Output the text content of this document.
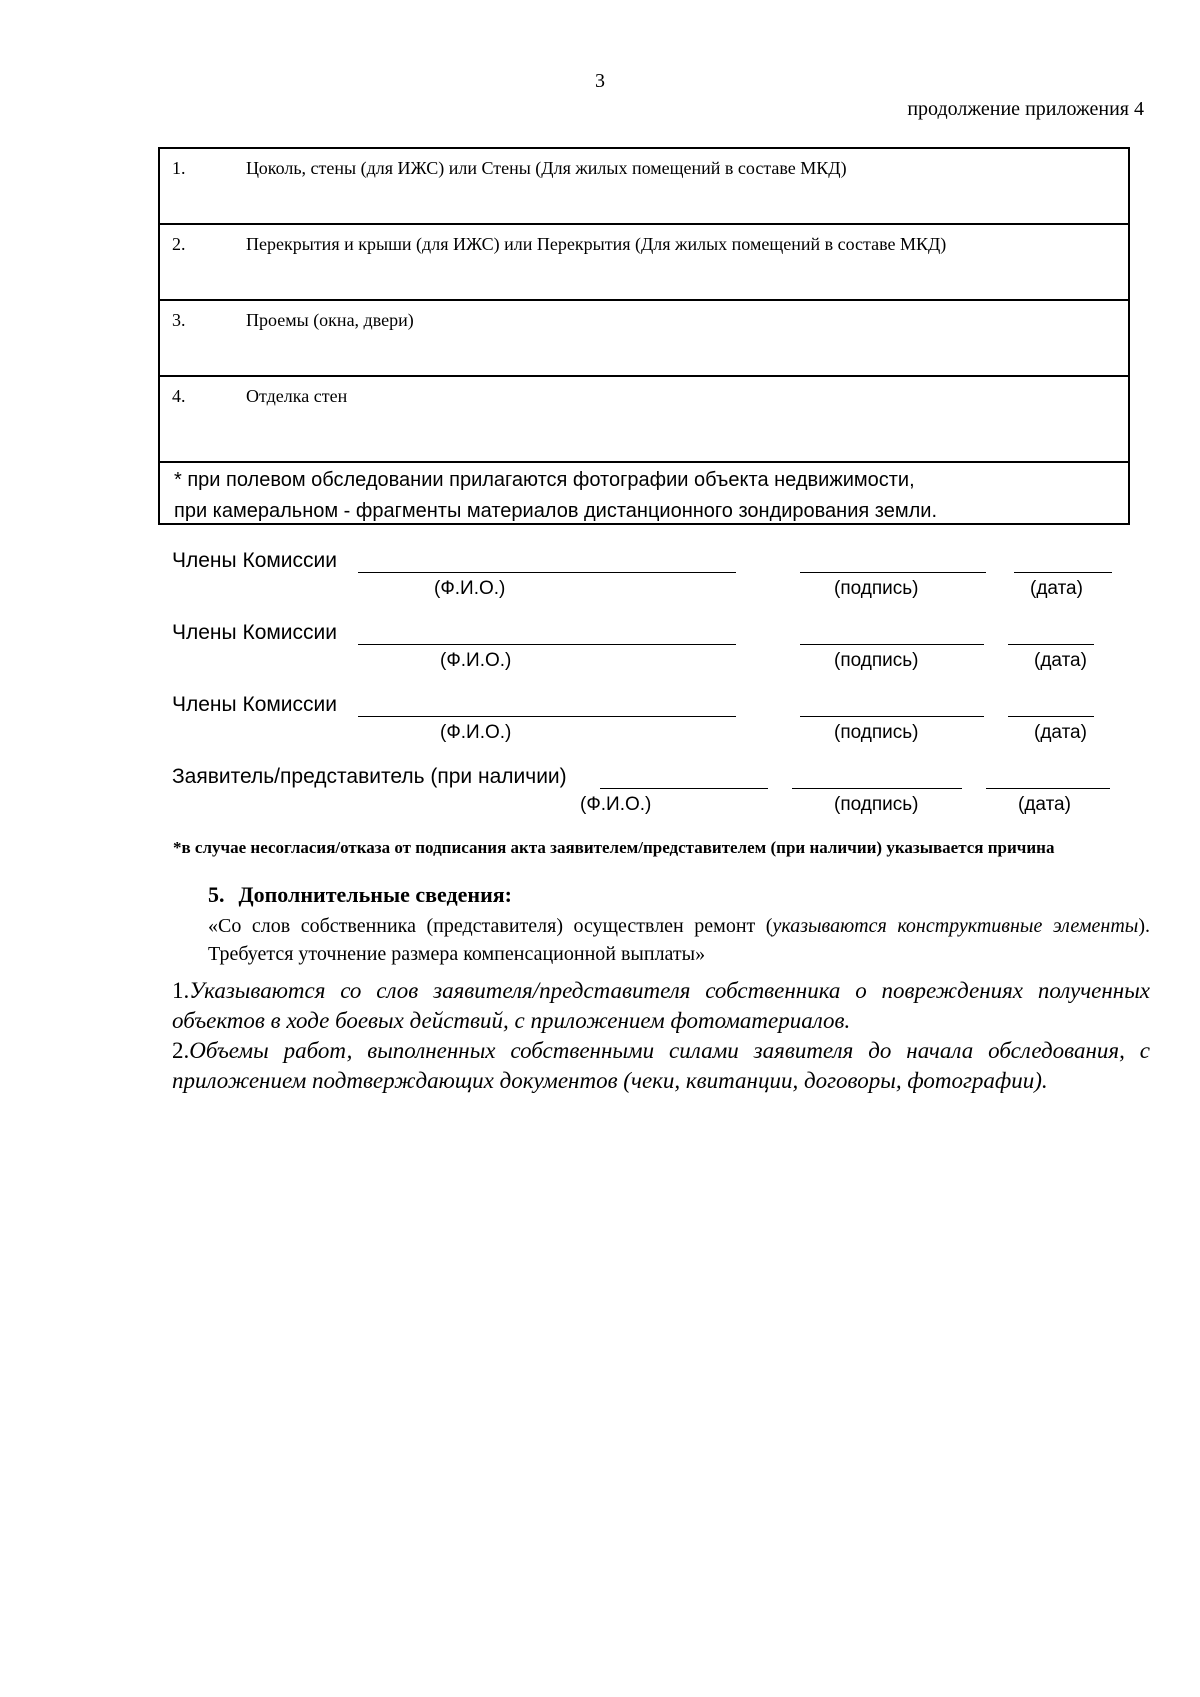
3
продолжение приложения 4
1.	Цоколь, стены (для ИЖС) или Стены (Для жилых помещений в составе МКД)
2.	Перекрытия и крыши (для ИЖС) или Перекрытия (Для жилых помещений в составе МКД)
3.	Проемы (окна, двери)
4.	Отделка стен
* при полевом обследовании прилагаются фотографии объекта недвижимости,
при камеральном - фрагменты материалов дистанционного зондирования земли.
Члены Комиссии
(Ф.И.О.)	(подпись)	(дата)
Члены Комиссии
(Ф.И.О.)	(подпись)	(дата)
Члены Комиссии
(Ф.И.О.)	(подпись)	(дата)
Заявитель/представитель (при наличии)
(Ф.И.О.)	(подпись)	(дата)
*в случае несогласия/отказа от подписания акта заявителем/представителем (при наличии) указывается причина
5. Дополнительные сведения:
«Со слов собственника (представителя) осуществлен ремонт (указываются конструктивные элементы). Требуется уточнение размера компенсационной выплаты»

1.Указываются со слов заявителя/представителя собственника о повреждениях полученных объектов в ходе боевых действий, с приложением фотоматериалов.

2.Объемы работ, выполненных собственными силами заявителя до начала обследования, с приложением подтверждающих документов (чеки, квитанции, договоры, фотографии).
